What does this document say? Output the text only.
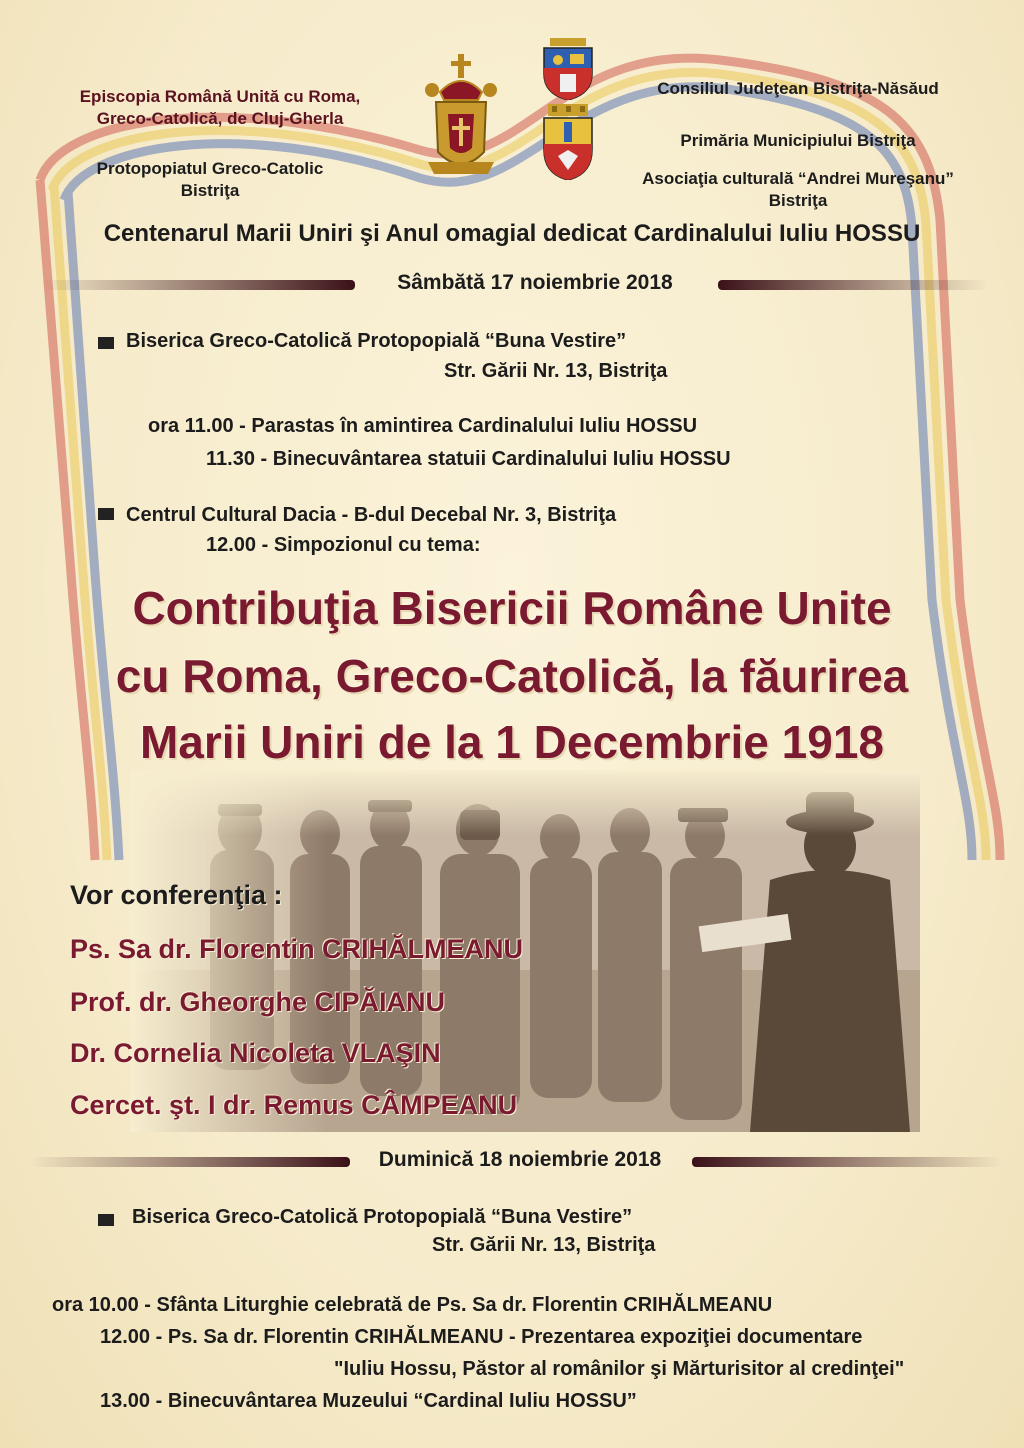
Episcopia Română Unită cu Roma,
Greco-Catolică, de Cluj-Gherla
Protopopiatul Greco-Catolic
Bistriţa
Consiliul Judeţean Bistriţa-Năsăud
Primăria Municipiului Bistriţa
Asociaţia culturală “Andrei Mureşanu”
Bistriţa
Centenarul Marii Uniri şi Anul omagial dedicat Cardinalului Iuliu HOSSU
Sâmbătă 17 noiembrie 2018
Biserica Greco-Catolică Protopopială “Buna Vestire”
Str. Gării Nr. 13, Bistriţa
ora 11.00 - Parastas în amintirea Cardinalului Iuliu HOSSU
11.30 - Binecuvântarea statuii Cardinalului Iuliu HOSSU
Centrul Cultural Dacia - B-dul Decebal Nr. 3, Bistriţa
12.00 - Simpozionul cu tema:
Contribuţia Bisericii Române Unite
cu Roma, Greco-Catolică, la făurirea
Marii Uniri de la 1 Decembrie 1918
Vor conferenţia :
Ps. Sa dr. Florentin CRIHĂLMEANU
Prof. dr. Gheorghe CIPĂIANU
Dr. Cornelia Nicoleta VLAŞIN
Cercet. şt. I dr. Remus CÂMPEANU
Duminică 18 noiembrie 2018
Biserica Greco-Catolică Protopopială “Buna Vestire”
Str. Gării Nr. 13, Bistriţa
ora 10.00 - Sfânta Liturghie celebrată de Ps. Sa dr. Florentin CRIHĂLMEANU
12.00 - Ps. Sa dr. Florentin CRIHĂLMEANU - Prezentarea expoziţiei documentare
"Iuliu Hossu, Păstor al românilor şi Mărturisitor al credinţei"
13.00 - Binecuvântarea Muzeului “Cardinal Iuliu HOSSU”
